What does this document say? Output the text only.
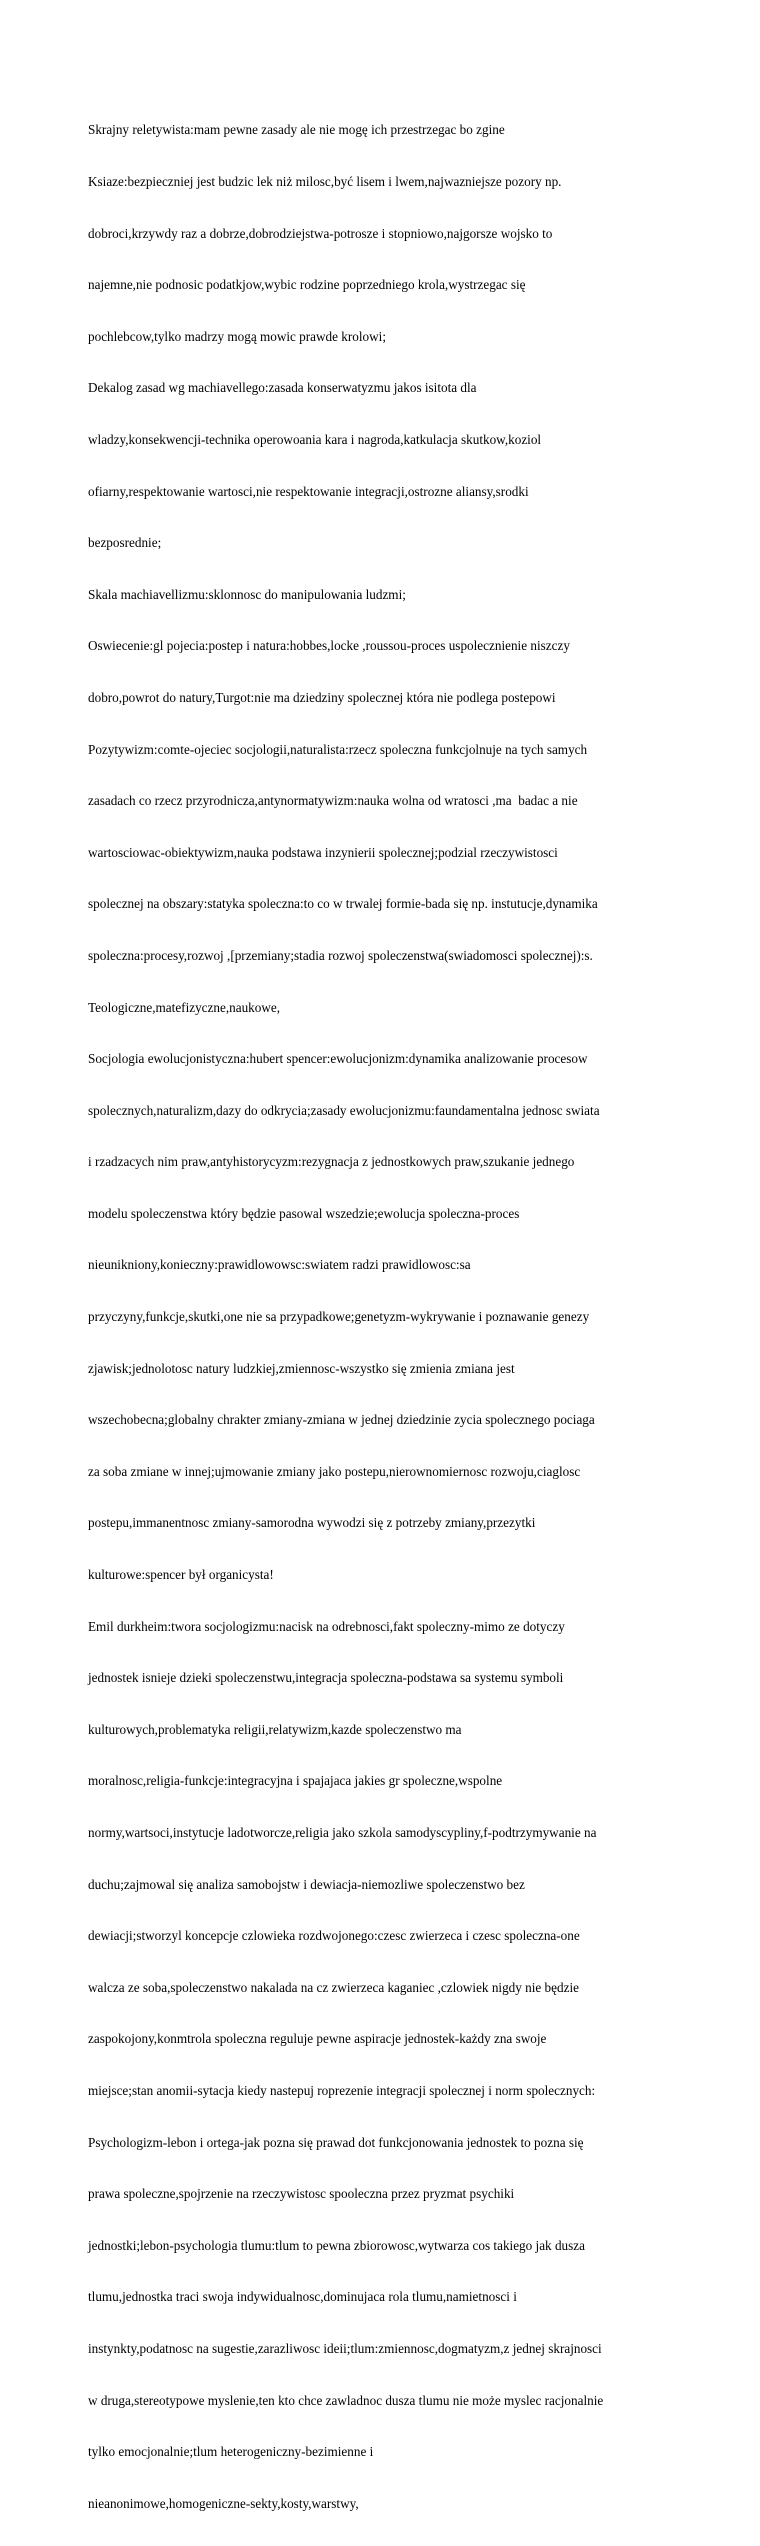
Skrajny reletywista:mam pewne zasady ale nie mogę ich przestrzegac bo zgine

Ksiaze:bezpieczniej jest budzic lek niż milosc,być lisem i lwem,najwazniejsze pozory np.

dobroci,krzywdy raz a dobrze,dobrodziejstwa-potrosze i stopniowo,najgorsze wojsko to

najemne,nie podnosic podatkjow,wybic rodzine poprzedniego krola,wystrzegac się

pochlebcow,tylko madrzy mogą mowic prawde krolowi;

Dekalog zasad wg machiavellego:zasada konserwatyzmu jakos isitota dla

wladzy,konsekwencji-technika operowoania kara i nagroda,katkulacja skutkow,koziol

ofiarny,respektowanie wartosci,nie respektowanie integracji,ostrozne aliansy,srodki

bezposrednie;

Skala machiavellizmu:sklonnosc do manipulowania ludzmi;

Oswiecenie:gl pojecia:postep i natura:hobbes,locke ,roussou-proces uspolecznienie niszczy

dobro,powrot do natury,Turgot:nie ma dziedziny spolecznej która nie podlega postepowi

Pozytywizm:comte-ojeciec socjologii,naturalista:rzecz spoleczna funkcjolnuje na tych samych

zasadach co rzecz przyrodnicza,antynormatywizm:nauka wolna od wratosci ,ma  badac a nie

wartosciowac-obiektywizm,nauka podstawa inzynierii spolecznej;podzial rzeczywistosci

spolecznej na obszary:statyka spoleczna:to co w trwalej formie-bada się np. instutucje,dynamika

spoleczna:procesy,rozwoj ,[przemiany;stadia rozwoj spoleczenstwa(swiadomosci spolecznej):s.

Teologiczne,matefizyczne,naukowe,

Socjologia ewolucjonistyczna:hubert spencer:ewolucjonizm:dynamika analizowanie procesow

spolecznych,naturalizm,dazy do odkrycia;zasady ewolucjonizmu:faundamentalna jednosc swiata

i rzadzacych nim praw,antyhistorycyzm:rezygnacja z jednostkowych praw,szukanie jednego

modelu spoleczenstwa który będzie pasowal wszedzie;ewolucja spoleczna-proces

nieunikniony,konieczny:prawidlowowsc:swiatem radzi prawidlowosc:sa

przyczyny,funkcje,skutki,one nie sa przypadkowe;genetyzm-wykrywanie i poznawanie genezy

zjawisk;jednolotosc natury ludzkiej,zmiennosc-wszystko się zmienia zmiana jest

wszechobecna;globalny chrakter zmiany-zmiana w jednej dziedzinie zycia spolecznego pociaga

za soba zmiane w innej;ujmowanie zmiany jako postepu,nierownomiernosc rozwoju,ciaglosc

postepu,immanentnosc zmiany-samorodna wywodzi się z potrzeby zmiany,przezytki

kulturowe:spencer był organicysta!

Emil durkheim:twora socjologizmu:nacisk na odrebnosci,fakt spoleczny-mimo ze dotyczy

jednostek isnieje dzieki spoleczenstwu,integracja spoleczna-podstawa sa systemu symboli

kulturowych,problematyka religii,relatywizm,kazde spoleczenstwo ma

moralnosc,religia-funkcje:integracyjna i spajajaca jakies gr spoleczne,wspolne

normy,wartsoci,instytucje ladotworcze,religia jako szkola samodyscypliny,f-podtrzymywanie na

duchu;zajmowal się analiza samobojstw i dewiacja-niemozliwe spoleczenstwo bez

dewiacji;stworzyl koncepcje czlowieka rozdwojonego:czesc zwierzeca i czesc spoleczna-one

walcza ze soba,spoleczenstwo nakalada na cz zwierzeca kaganiec ,czlowiek nigdy nie będzie

zaspokojony,konmtrola spoleczna reguluje pewne aspiracje jednostek-każdy zna swoje

miejsce;stan anomii-sytacja kiedy nastepuj roprezenie integracji spolecznej i norm spolecznych:

Psychologizm-lebon i ortega-jak pozna się prawad dot funkcjonowania jednostek to pozna się

prawa spoleczne,spojrzenie na rzeczywistosc spooleczna przez pryzmat psychiki

jednostki;lebon-psychologia tlumu:tlum to pewna zbiorowosc,wytwarza cos takiego jak dusza

tlumu,jednostka traci swoja indywidualnosc,dominujaca rola tlumu,namietnosci i

instynkty,podatnosc na sugestie,zarazliwosc ideii;tlum:zmiennosc,dogmatyzm,z jednej skrajnosci

w druga,stereotypowe myslenie,ten kto chce zawladnoc dusza tlumu nie może myslec racjonalnie

tylko emocjonalnie;tlum heterogeniczny-bezimienne i

nieanonimowe,homogeniczne-sekty,kosty,warstwy,
